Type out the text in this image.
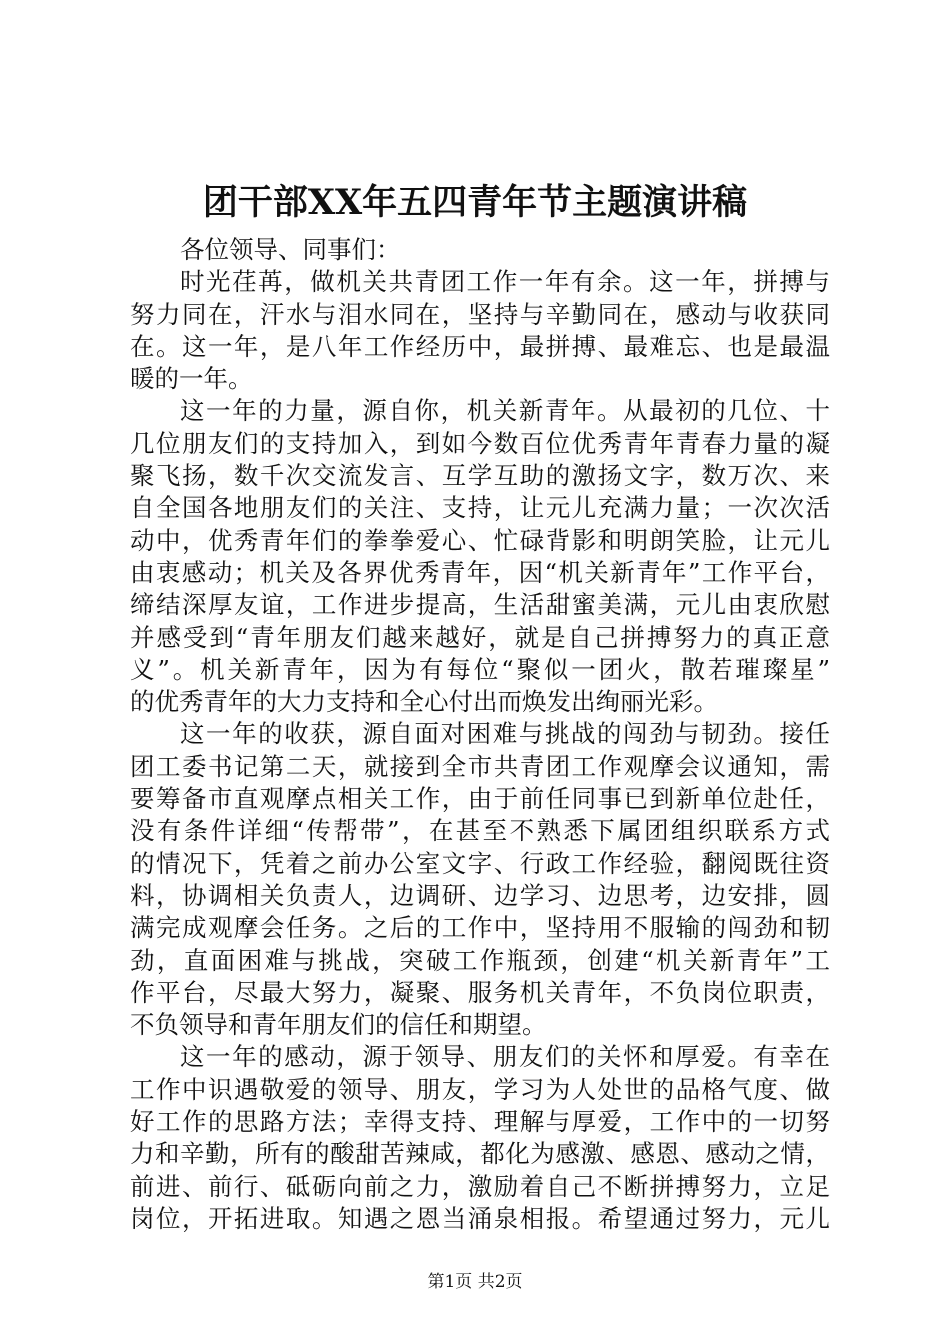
团干部XX年五四青年节主题演讲稿
各位领导、同事们：
时光荏苒，做机关共青团工作一年有余。这一年，拼搏与
努力同在，汗水与泪水同在，坚持与辛勤同在，感动与收获同
在。这一年，是八年工作经历中，最拼搏、最难忘、也是最温
暖的一年。
这一年的力量，源自你，机关新青年。从最初的几位、十
几位朋友们的支持加入，到如今数百位优秀青年青春力量的凝
聚飞扬，数千次交流发言、互学互助的激扬文字，数万次、来
自全国各地朋友们的关注、支持，让元儿充满力量；一次次活
动中，优秀青年们的拳拳爱心、忙碌背影和明朗笑脸，让元儿
由衷感动；机关及各界优秀青年，因“机关新青年”工作平台，
缔结深厚友谊，工作进步提高，生活甜蜜美满，元儿由衷欣慰
并感受到“青年朋友们越来越好，就是自己拼搏努力的真正意
义”。机关新青年，因为有每位“聚似一团火，散若璀璨星”
的优秀青年的大力支持和全心付出而焕发出绚丽光彩。
这一年的收获，源自面对困难与挑战的闯劲与韧劲。接任
团工委书记第二天，就接到全市共青团工作观摩会议通知，需
要筹备市直观摩点相关工作，由于前任同事已到新单位赴任，
没有条件详细“传帮带”，在甚至不熟悉下属团组织联系方式
的情况下，凭着之前办公室文字、行政工作经验，翻阅既往资
料，协调相关负责人，边调研、边学习、边思考，边安排，圆
满完成观摩会任务。之后的工作中，坚持用不服输的闯劲和韧
劲，直面困难与挑战，突破工作瓶颈，创建“机关新青年”工
作平台，尽最大努力，凝聚、服务机关青年，不负岗位职责，
不负领导和青年朋友们的信任和期望。
这一年的感动，源于领导、朋友们的关怀和厚爱。有幸在
工作中识遇敬爱的领导、朋友，学习为人处世的品格气度、做
好工作的思路方法；幸得支持、理解与厚爱，工作中的一切努
力和辛勤，所有的酸甜苦辣咸，都化为感激、感恩、感动之情，
前进、前行、砥砺向前之力，激励着自己不断拼搏努力，立足
岗位，开拓进取。知遇之恩当涌泉相报。希望通过努力，元儿
第1页 共2页
